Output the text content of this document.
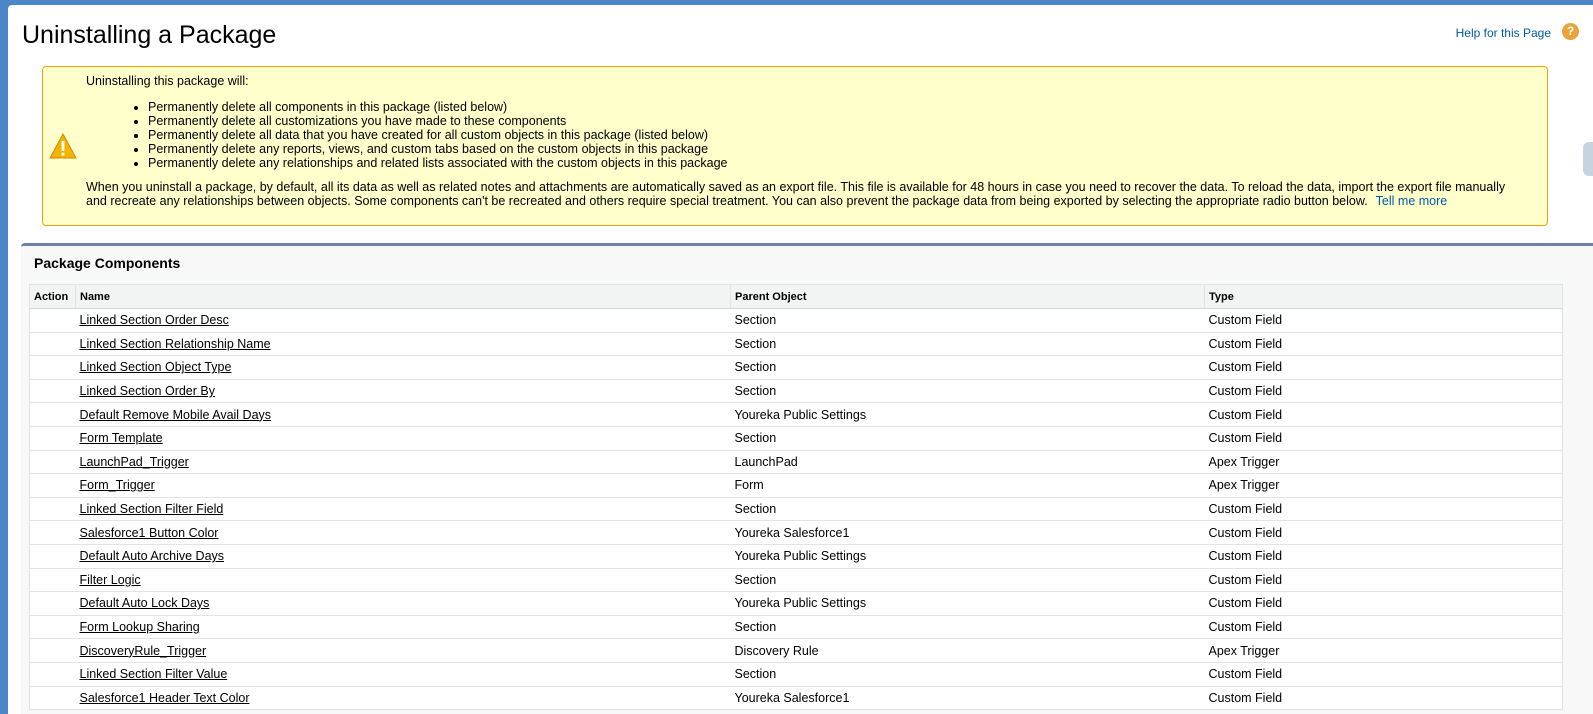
Uninstalling a Package	Help for this Page	?
Uninstalling this package will:
• Permanently delete all components in this package (listed below)
• Permanently delete all customizations you have made to these components
• Permanently delete all data that you have created for all custom objects in this package (listed below)
• Permanently delete any reports, views, and custom tabs based on the custom objects in this package
• Permanently delete any relationships and related lists associated with the custom objects in this package
When you uninstall a package, by default, all its data as well as related notes and attachments are automatically saved as an export file. This file is available for 48 hours in case you need to recover the data. To reload the data, import the export file manually and recreate any relationships between objects. Some components can't be recreated and others require special treatment. You can also prevent the package data from being exported by selecting the appropriate radio button below. Tell me more
Package Components
Action	Name	Parent Object	Type
	Linked Section Order Desc	Section	Custom Field
	Linked Section Relationship Name	Section	Custom Field
	Linked Section Object Type	Section	Custom Field
	Linked Section Order By	Section	Custom Field
	Default Remove Mobile Avail Days	Youreka Public Settings	Custom Field
	Form Template	Section	Custom Field
	LaunchPad_Trigger	LaunchPad	Apex Trigger
	Form_Trigger	Form	Apex Trigger
	Linked Section Filter Field	Section	Custom Field
	Salesforce1 Button Color	Youreka Salesforce1	Custom Field
	Default Auto Archive Days	Youreka Public Settings	Custom Field
	Filter Logic	Section	Custom Field
	Default Auto Lock Days	Youreka Public Settings	Custom Field
	Form Lookup Sharing	Section	Custom Field
	DiscoveryRule_Trigger	Discovery Rule	Apex Trigger
	Linked Section Filter Value	Section	Custom Field
	Salesforce1 Header Text Color	Youreka Salesforce1	Custom Field
